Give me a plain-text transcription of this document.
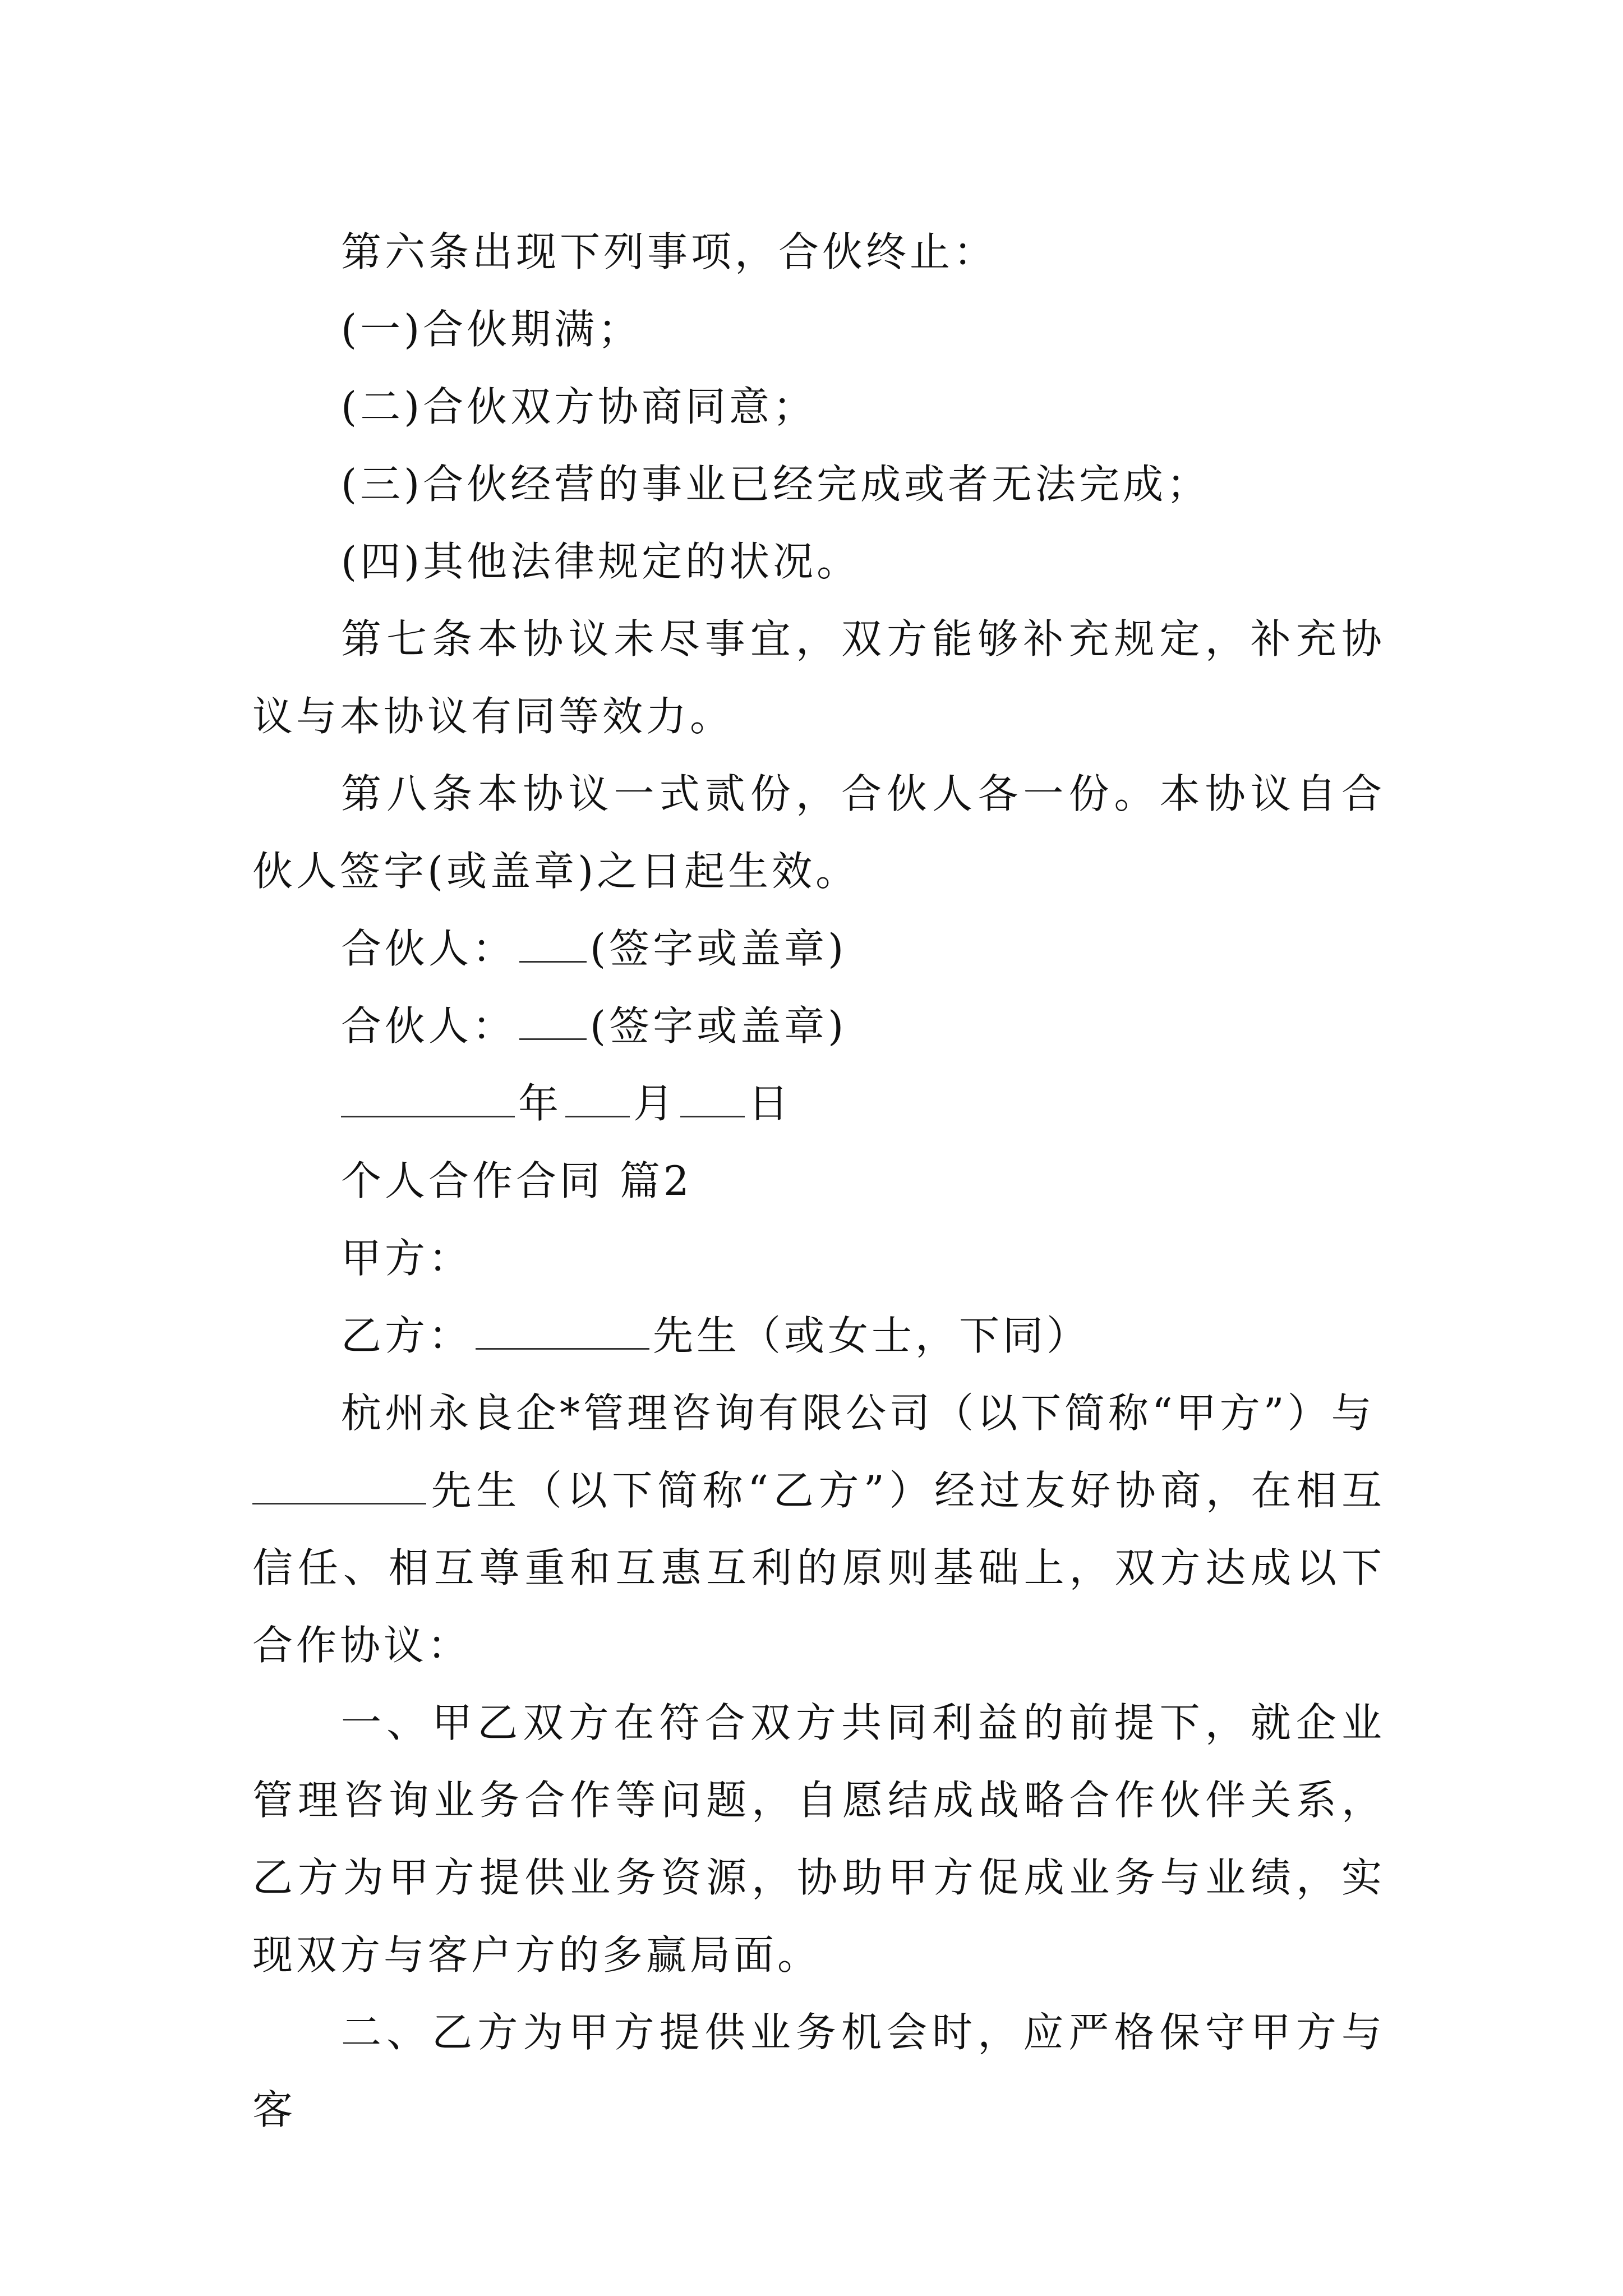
第六条出现下列事项，合伙终止：
(一)合伙期满；
(二)合伙双方协商同意；
(三)合伙经营的事业已经完成或者无法完成；
(四)其他法律规定的状况。
第七条本协议未尽事宜，双方能够补充规定，补充协议与本协议有同等效力。
第八条本协议一式贰份，合伙人各一份。本协议自合伙人签字(或盖章)之日起生效。
合伙人： (签字或盖章)
合伙人： (签字或盖章)
年 月 日
个人合作合同 篇2
甲方：
乙方：	先生（或女士，下同）
杭州永良企*管理咨询有限公司（以下简称“甲方”）与
先生（以下简称“乙方”）经过友好协商，在相互信任、相互尊重和互惠互利的原则基础上，双方达成以下合作协议：
一、甲乙双方在符合双方共同利益的前提下，就企业管理咨询业务合作等问题，自愿结成战略合作伙伴关系，乙方为甲方提供业务资源，协助甲方促成业务与业绩，实现双方与客户方的多赢局面。
二、乙方为甲方提供业务机会时，应严格保守甲方与客
